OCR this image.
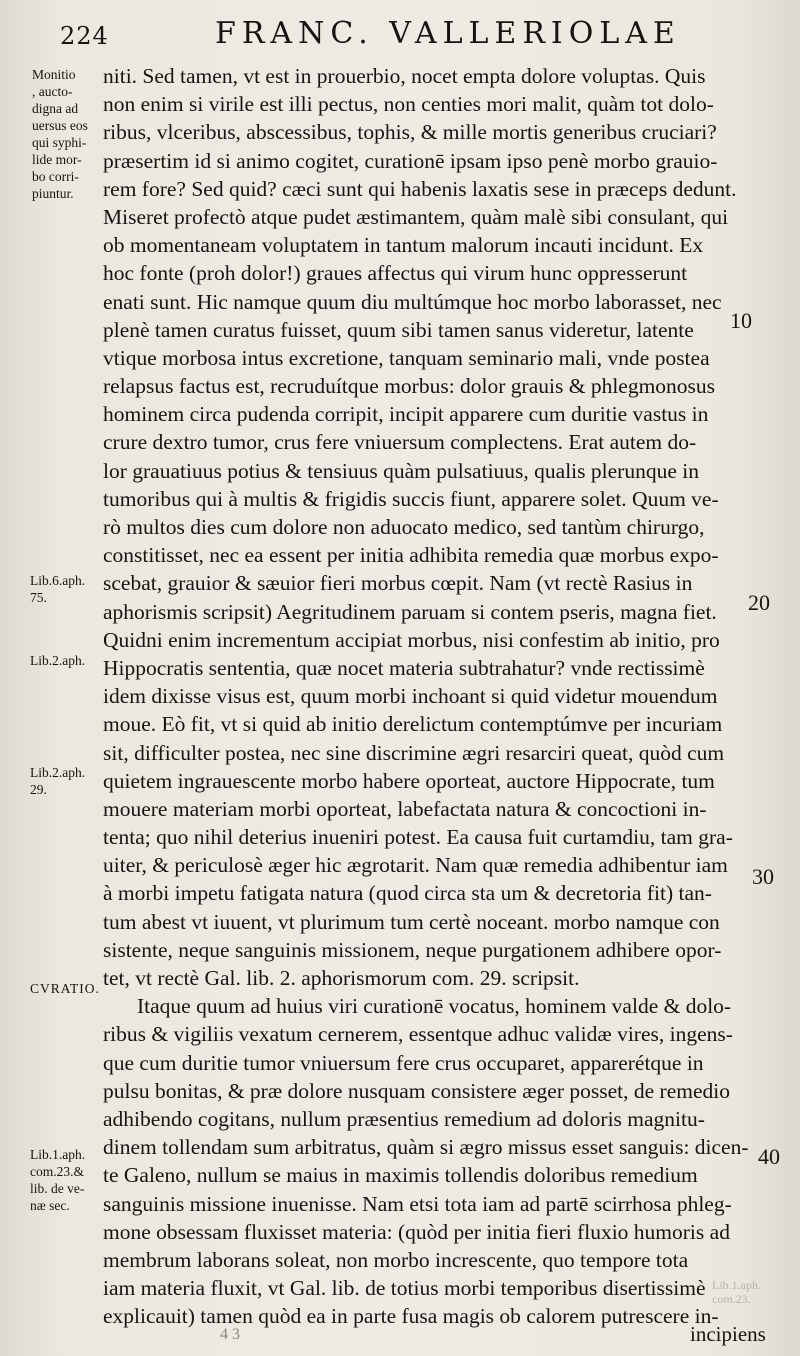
224	FRANC. VALLERIOLAE
niti. Sed tamen, vt est in prouerbio, nocet empta dolore voluptas. Quis
non enim si virile est illi pectus, non centies mori malit, quàm tot dolo-
ribus, vlceribus, abscessibus, tophis, & mille mortis generibus cruciari?
præsertim id si animo cogitet, curationē ipsam ipso penè morbo grauio-
rem fore? Sed quid? cæci sunt qui habenis laxatis sese in præceps dedunt.
Miseret profectò atque pudet æstimantem, quàm malè sibi consulant, qui
ob momentaneam voluptatem in tantum malorum incauti incidunt. Ex
hoc fonte (proh dolor!) graues affectus qui virum hunc oppresserunt
enati sunt. Hic namque quum diu multúmque hoc morbo laborasset, nec
plenè tamen curatus fuisset, quum sibi tamen sanus videretur, latente
vtique morbosa intus excretione, tanquam seminario mali, vnde postea
relapsus factus est, recruduítque morbus: dolor grauis & phlegmonosus
hominem circa pudenda corripit, incipit apparere cum duritie vastus in
crure dextro tumor, crus fere vniuersum complectens. Erat autem do-
lor grauatiuus potius & tensiuus quàm pulsatiuus, qualis plerunque in
tumoribus qui à multis & frigidis succis fiunt, apparere solet. Quum ve-
rò multos dies cum dolore non aduocato medico, sed tantùm chirurgo,
constitisset, nec ea essent per initia adhibita remedia quæ morbus expo-
scebat, grauior & sæuior fieri morbus cœpit. Nam (vt rectè Rasius in
aphorismis scripsit) Aegritudinem paruam si contem pseris, magna fiet.
Quidni enim incrementum accipiat morbus, nisi confestim ab initio, pro
Hippocratis sententia, quæ nocet materia subtrahatur? vnde rectissimè
idem dixisse visus est, quum morbi inchoant si quid videtur mouendum
moue. Eò fit, vt si quid ab initio derelictum contemptúmve per incuriam
sit, difficulter postea, nec sine discrimine ægri resarciri queat, quòd cum
quietem ingrauescente morbo habere oporteat, auctore Hippocrate, tum
mouere materiam morbi oporteat, labefactata natura & concoctioni in-
tenta; quo nihil deterius inueniri potest. Ea causa fuit curtamdiu, tam gra-
uiter, & periculosè æger hic ægrotarit. Nam quæ remedia adhibentur iam
à morbi impetu fatigata natura (quod circa sta um & decretoria fit) tan-
tum abest vt iuuent, vt plurimum tum certè noceant. morbo namque con
sistente, neque sanguinis missionem, neque purgationem adhibere opor-
tet, vt rectè Gal. lib. 2. aphorismorum com. 29. scripsit.
Itaque quum ad huius viri curationē vocatus, hominem valde & dolo-
ribus & vigiliis vexatum cernerem, essentque adhuc validæ vires, ingens-
que cum duritie tumor vniuersum fere crus occuparet, apparerétque in
pulsu bonitas, & præ dolore nusquam consistere æger posset, de remedio
adhibendo cogitans, nullum præsentius remedium ad doloris magnitu-
dinem tollendam sum arbitratus, quàm si ægro missus esset sanguis: dicen-
te Galeno, nullum se maius in maximis tollendis doloribus remedium
sanguinis missione inuenisse. Nam etsi tota iam ad partē scirrhosa phleg-
mone obsessam fluxisset materia: (quòd per initia fieri fluxio humoris ad
membrum laborans soleat, non morbo increscente, quo tempore tota
iam materia fluxit, vt Gal. lib. de totius morbi temporibus disertissimè
explicauit) tamen quòd ea in parte fusa magis ob calorem putrescere in-
Monitio
, aucto-
digna ad
uersus eos
qui syphi-
lide mor-
bo corri-
piuntur.
Lib.6.aph.
75.
Lib.2.aph.
Lib.2.aph.
29.
CVRATIO.
Lib.1.aph.
com.23.&
lib. de ve-
næ sec.
10
20
30
40
Lib.1.aph.
com.23.
4 3	incipiens
